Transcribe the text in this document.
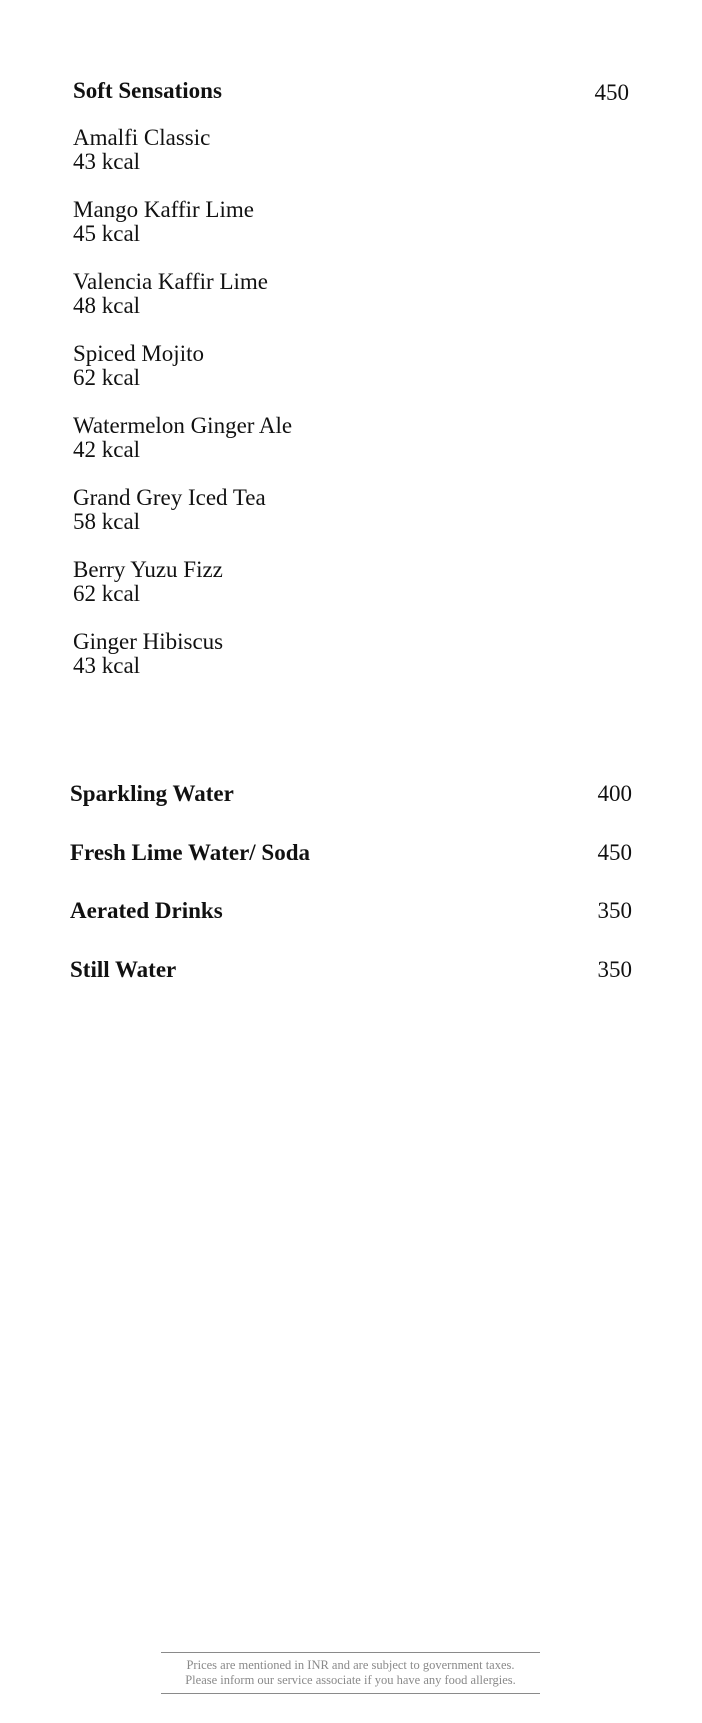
Soft Sensations	450
Amalfi Classic
43 kcal
Mango Kaffir Lime
45 kcal
Valencia Kaffir Lime
48 kcal
Spiced Mojito
62 kcal
Watermelon Ginger Ale
42 kcal
Grand Grey Iced Tea
58 kcal
Berry Yuzu Fizz
62 kcal
Ginger Hibiscus
43 kcal
Sparkling Water	400
Fresh Lime Water/ Soda	450
Aerated Drinks	350
Still Water	350
Prices are mentioned in INR and are subject to government taxes.
Please inform our service associate if you have any food allergies.
